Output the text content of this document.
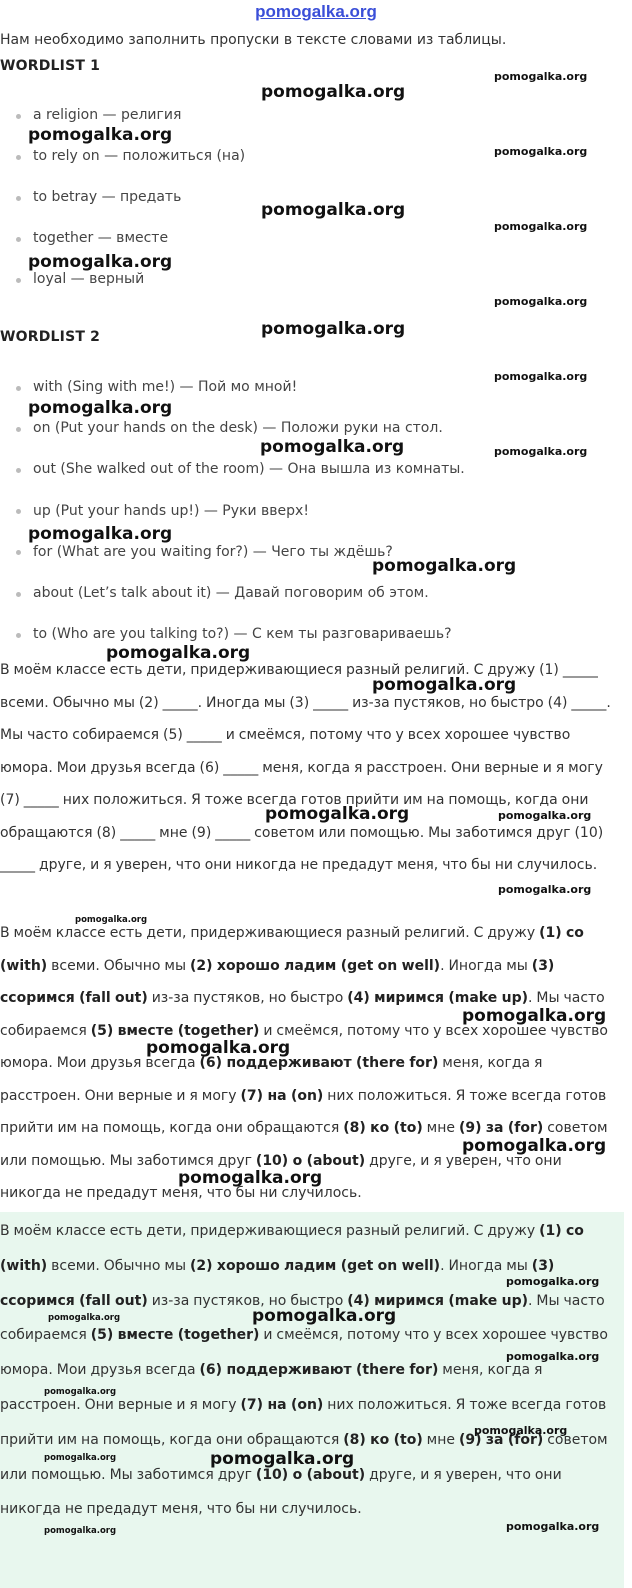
pomogalka.org
Нам необходимо заполнить пропуски в тексте словами из таблицы.
WORDLIST 1
a religion — религия
to rely on — положиться (на)
to betray — предать
together — вместе
loyal — верный
WORDLIST 2
with (Sing with me!) — Пой мо мной!
on (Put your hands on the desk) — Положи руки на стол.
out (She walked out of the room) — Она вышла из комнаты.
up (Put your hands up!) — Руки вверх!
for (What are you waiting for?) — Чего ты ждёшь?
about (Let’s talk about it) — Давай поговорим об этом.
to (Who are you talking to?) — С кем ты разговариваешь?

В моём классе есть дети, придерживающиеся разный религий. С дружу (1) _____ всеми. Обычно мы (2) _____. Иногда мы (3) _____ из-за пустяков, но быстро (4) _____. Мы часто собираемся (5) _____ и смеёмся, потому что у всех хорошее чувство юмора. Мои друзья всегда (6) _____ меня, когда я расстроен. Они верные и я могу (7) _____ них положиться. Я тоже всегда готов прийти им на помощь, когда они обращаются (8) _____ мне (9) _____ советом или помощью. Мы заботимся друг (10) _____ друге, и я уверен, что они никогда не предадут меня, что бы ни случилось.

В моём классе есть дети, придерживающиеся разный религий. С дружу (1) со (with) всеми. Обычно мы (2) хорошо ладим (get on well). Иногда мы (3) ссоримся (fall out) из-за пустяков, но быстро (4) миримся (make up). Мы часто собираемся (5) вместе (together) и смеёмся, потому что у всех хорошее чувство юмора. Мои друзья всегда (6) поддерживают (there for) меня, когда я расстроен. Они верные и я могу (7) на (on) них положиться. Я тоже всегда готов прийти им на помощь, когда они обращаются (8) ко (to) мне (9) за (for) советом или помощью. Мы заботимся друг (10) о (about) друге, и я уверен, что они никогда не предадут меня, что бы ни случилось.

В моём классе есть дети, придерживающиеся разный религий. С дружу (1) со (with) всеми. Обычно мы (2) хорошо ладим (get on well). Иногда мы (3) ссоримся (fall out) из-за пустяков, но быстро (4) миримся (make up). Мы часто собираемся (5) вместе (together) и смеёмся, потому что у всех хорошее чувство юмора. Мои друзья всегда (6) поддерживают (there for) меня, когда я расстроен. Они верные и я могу (7) на (on) них положиться. Я тоже всегда готов прийти им на помощь, когда они обращаются (8) ко (to) мне (9) за (for) советом или помощью. Мы заботимся друг (10) о (about) друге, и я уверен, что они никогда не предадут меня, что бы ни случилось.

pomogalka.org
pomogalka.org
pomogalka.org
pomogalka.org
pomogalka.org
pomogalka.org
pomogalka.org
pomogalka.org
pomogalka.org
pomogalka.org
pomogalka.org
pomogalka.org
pomogalka.org
pomogalka.org
pomogalka.org
pomogalka.org
pomogalka.org
pomogalka.org
pomogalka.org
pomogalka.org
pomogalka.org
pomogalka.org
pomogalka.org
pomogalka.org
pomogalka.org
pomogalka.org
pomogalka.org
pomogalka.org
pomogalka.org
pomogalka.org
pomogalka.org
pomogalka.org
pomogalka.org
pomogalka.org
pomogalka.org
